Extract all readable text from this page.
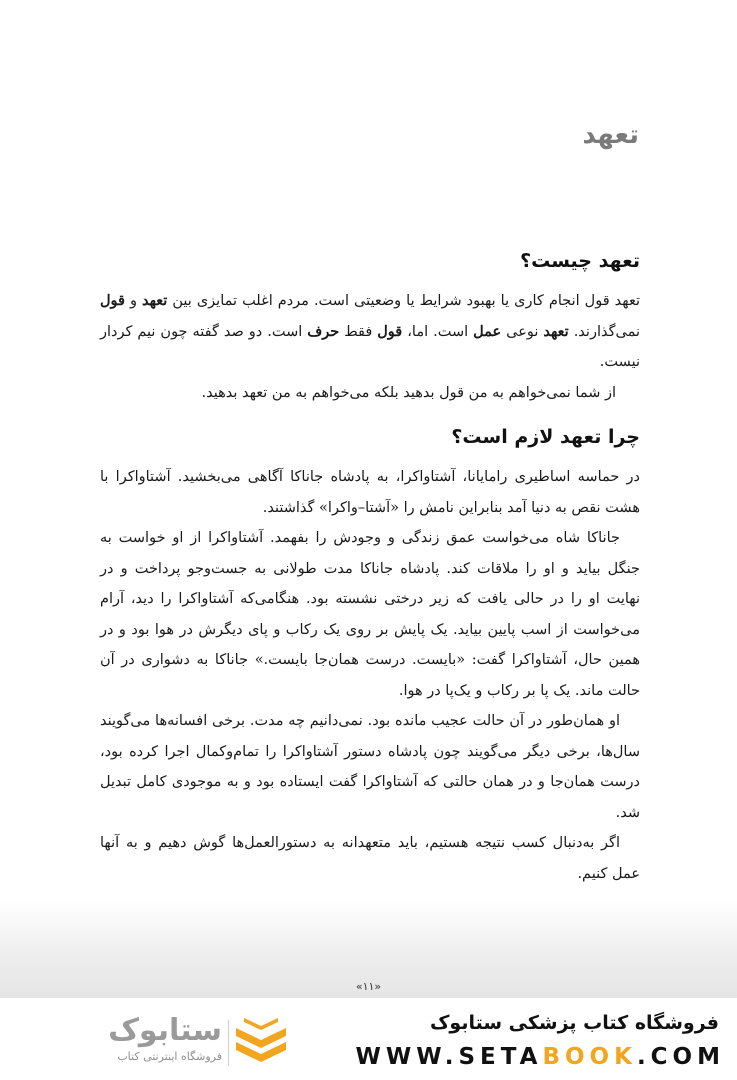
تعهد
تعهد چیست؟

تعهد قول انجام کاری یا بهبود شرایط یا وضعیتی است. مردم اغلب تمایزی بین تعهد و قول نمی‌گذارند. تعهد نوعی عمل است. اما، قول فقط حرف است. دو صد گفته چون نیم کردار نیست.

از شما نمی‌خواهم به من قول بدهید بلکه می‌خواهم به من تعهد بدهید.

چرا تعهد لازم است؟

در حماسه اساطیری رامایانا، آشتاواکرا، به پادشاه جاناکا آگاهی می‌بخشید. آشتاواکرا با هشت نقص به دنیا آمد بنابراین نامش را «آشتا–واکرا» گذاشتند.

جاناکا شاه می‌خواست عمق زندگی و وجودش را بفهمد. آشتاواکرا از او خواست به جنگل بیاید و او را ملاقات کند. پادشاه جاناکا مدت طولانی به جست‌وجو پرداخت و در نهایت او را در حالی یافت که زیر درختی نشسته بود. هنگامی‌که آشتاواکرا را دید، آرام می‌خواست از اسب پایین بیاید. یک پایش بر روی یک رکاب و پای دیگرش در هوا بود و در همین حال، آشتاواکرا گفت: «بایست. درست همان‌جا بایست.» جاناکا به دشواری در آن حالت ماند. یک پا بر رکاب و یک‌پا در هوا.

او همان‌طور در آن حالت عجیب مانده بود. نمی‌دانیم چه مدت. برخی افسانه‌ها می‌گویند سال‌ها، برخی دیگر می‌گویند چون پادشاه دستور آشتاواکرا را تمام‌وکمال اجرا کرده بود، درست همان‌جا و در همان حالتی که آشتاواکرا گفت ایستاده بود و به موجودی کامل تبدیل شد.

اگر به‌دنبال کسب نتیجه هستیم، باید متعهدانه به دستورالعمل‌ها گوش دهیم و به آنها عمل کنیم.

«۱۱»
ستابوک
فروشگاه اینترنتی کتاب
فروشگاه کتاب پزشکی ستابوک
WWW.SETABOOK.COM
